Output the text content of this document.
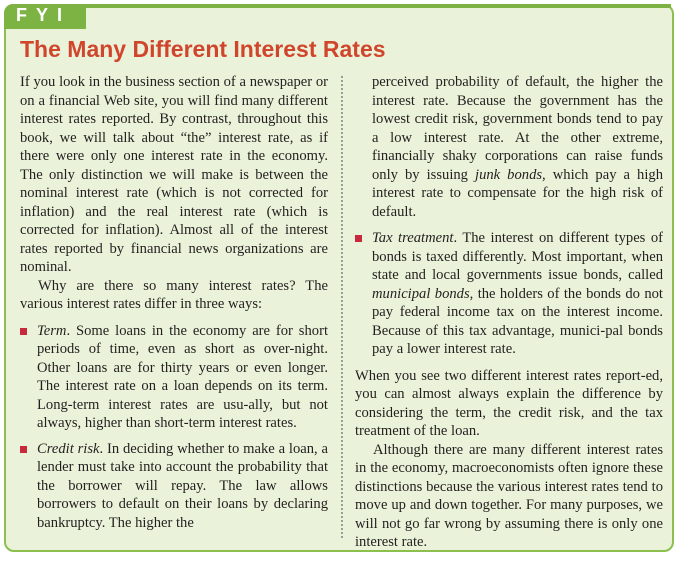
FYI
The Many Different Interest Rates

If you look in the business section of a newspaper or on a financial Web site, you will find many different interest rates reported. By contrast, throughout this book, we will talk about “the” interest rate, as if there were only one interest rate in the economy. The only distinction we will make is between the nominal interest rate (which is not corrected for inflation) and the real interest rate (which is corrected for inflation). Almost all of the interest rates reported by financial news organizations are nominal.

Why are there so many interest rates? The various interest rates differ in three ways:

Term. Some loans in the economy are for short periods of time, even as short as over-night. Other loans are for thirty years or even longer. The interest rate on a loan depends on its term. Long-term interest rates are usu-ally, but not always, higher than short-term interest rates.

Credit risk. In deciding whether to make a loan, a lender must take into account the probability that the borrower will repay. The law allows borrowers to default on their loans by declaring bankruptcy. The higher the

perceived probability of default, the higher the interest rate. Because the government has the lowest credit risk, government bonds tend to pay a low interest rate. At the other extreme, financially shaky corporations can raise funds only by issuing junk bonds, which pay a high interest rate to compensate for the high risk of default.

Tax treatment. The interest on different types of bonds is taxed differently. Most important, when state and local governments issue bonds, called municipal bonds, the holders of the bonds do not pay federal income tax on the interest income. Because of this tax advantage, munici-pal bonds pay a lower interest rate.

When you see two different interest rates report-ed, you can almost always explain the difference by considering the term, the credit risk, and the tax treatment of the loan.

Although there are many different interest rates in the economy, macroeconomists often ignore these distinctions because the various interest rates tend to move up and down together. For many purposes, we will not go far wrong by assuming there is only one interest rate.
